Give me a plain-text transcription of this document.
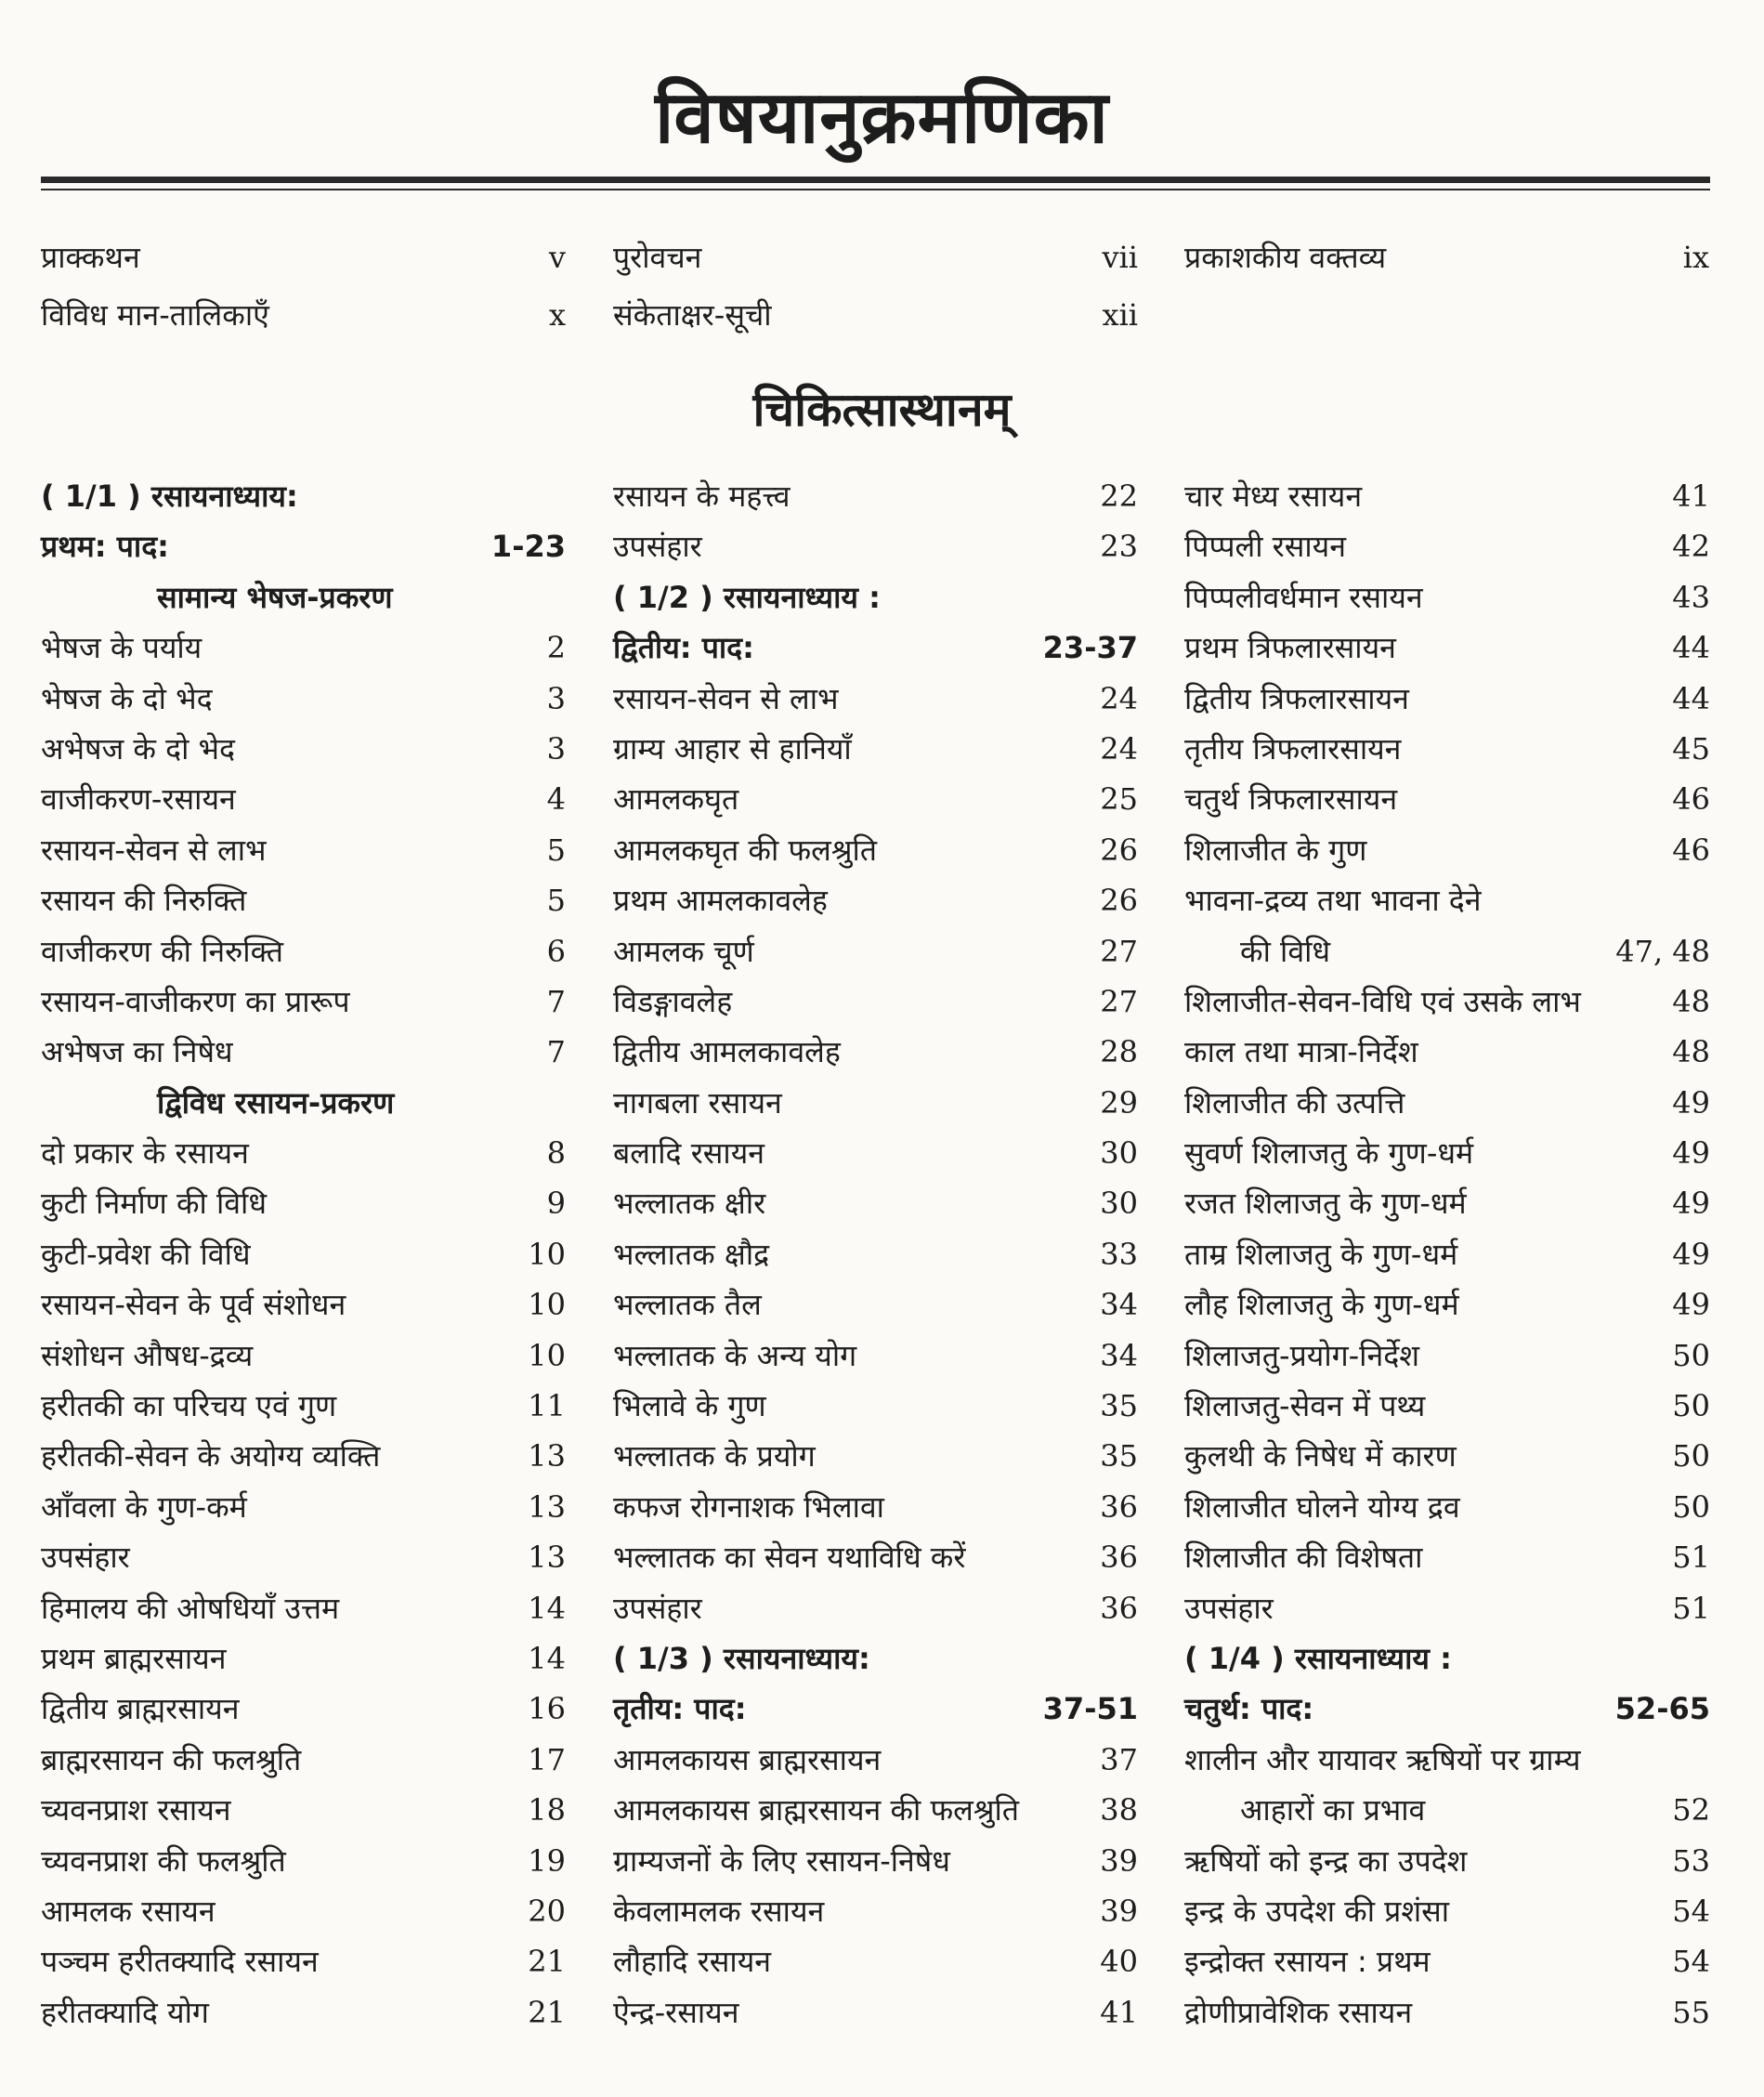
विषयानुक्रमणिका
प्राक्कथन	v
विविध मान-तालिकाएँ	x
पुरोवचन	vii
संकेताक्षर-सूची	xii
प्रकाशकीय वक्तव्य	ix
चिकित्सास्थानम्
( 1/1 ) रसायनाध्याय:
प्रथम: पाद:	1-23
सामान्य भेषज-प्रकरण
भेषज के पर्याय	2
भेषज के दो भेद	3
अभेषज के दो भेद	3
वाजीकरण-रसायन	4
रसायन-सेवन से लाभ	5
रसायन की निरुक्ति	5
वाजीकरण की निरुक्ति	6
रसायन-वाजीकरण का प्रारूप	7
अभेषज का निषेध	7
द्विविध रसायन-प्रकरण
दो प्रकार के रसायन	8
कुटी निर्माण की विधि	9
कुटी-प्रवेश की विधि	10
रसायन-सेवन के पूर्व संशोधन	10
संशोधन औषध-द्रव्य	10
हरीतकी का परिचय एवं गुण	11
हरीतकी-सेवन के अयोग्य व्यक्ति	13
आँवला के गुण-कर्म	13
उपसंहार	13
हिमालय की ओषधियाँ उत्तम	14
प्रथम ब्राह्मरसायन	14
द्वितीय ब्राह्मरसायन	16
ब्राह्मरसायन की फलश्रुति	17
च्यवनप्राश रसायन	18
च्यवनप्राश की फलश्रुति	19
आमलक रसायन	20
पञ्चम हरीतक्यादि रसायन	21
हरीतक्यादि योग	21
रसायन के महत्त्व	22
उपसंहार	23
( 1/2 ) रसायनाध्याय :
द्वितीय: पाद:	23-37
रसायन-सेवन से लाभ	24
ग्राम्य आहार से हानियाँ	24
आमलकघृत	25
आमलकघृत की फलश्रुति	26
प्रथम आमलकावलेह	26
आमलक चूर्ण	27
विडङ्गावलेह	27
द्वितीय आमलकावलेह	28
नागबला रसायन	29
बलादि रसायन	30
भल्लातक क्षीर	30
भल्लातक क्षौद्र	33
भल्लातक तैल	34
भल्लातक के अन्य योग	34
भिलावे के गुण	35
भल्लातक के प्रयोग	35
कफज रोगनाशक भिलावा	36
भल्लातक का सेवन यथाविधि करें	36
उपसंहार	36
( 1/3 ) रसायनाध्याय:
तृतीय: पाद:	37-51
आमलकायस ब्राह्मरसायन	37
आमलकायस ब्राह्मरसायन की फलश्रुति	38
ग्राम्यजनों के लिए रसायन-निषेध	39
केवलामलक रसायन	39
लौहादि रसायन	40
ऐन्द्र-रसायन	41
चार मेध्य रसायन	41
पिप्पली रसायन	42
पिप्पलीवर्धमान रसायन	43
प्रथम त्रिफलारसायन	44
द्वितीय त्रिफलारसायन	44
तृतीय त्रिफलारसायन	45
चतुर्थ त्रिफलारसायन	46
शिलाजीत के गुण	46
भावना-द्रव्य तथा भावना देने
की विधि	47, 48
शिलाजीत-सेवन-विधि एवं उसके लाभ	48
काल तथा मात्रा-निर्देश	48
शिलाजीत की उत्पत्ति	49
सुवर्ण शिलाजतु के गुण-धर्म	49
रजत शिलाजतु के गुण-धर्म	49
ताम्र शिलाजतु के गुण-धर्म	49
लौह शिलाजतु के गुण-धर्म	49
शिलाजतु-प्रयोग-निर्देश	50
शिलाजतु-सेवन में पथ्य	50
कुलथी के निषेध में कारण	50
शिलाजीत घोलने योग्य द्रव	50
शिलाजीत की विशेषता	51
उपसंहार	51
( 1/4 ) रसायनाध्याय :
चतुर्थ: पाद:	52-65
शालीन और यायावर ऋषियों पर ग्राम्य
आहारों का प्रभाव	52
ऋषियों को इन्द्र का उपदेश	53
इन्द्र के उपदेश की प्रशंसा	54
इन्द्रोक्त रसायन : प्रथम	54
द्रोणीप्रावेशिक रसायन	55
